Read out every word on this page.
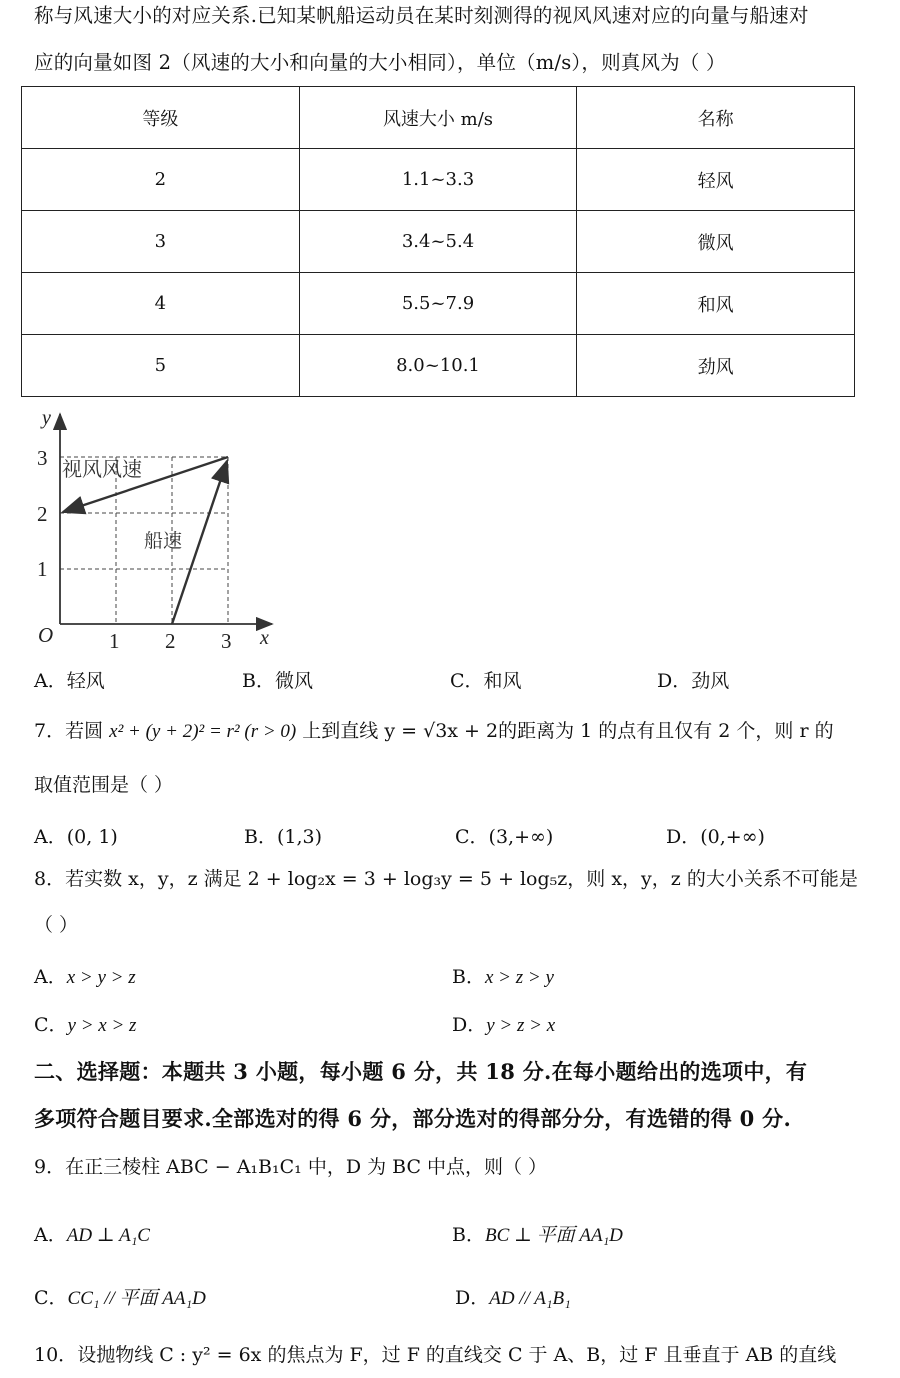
称与风速大小的对应关系.已知某帆船运动员在某时刻测得的视风风速对应的向量与船速对
应的向量如图 2（风速的大小和向量的大小相同），单位（m/s），则真风为（ ）
等级	风速大小 m/s	名称
2	1.1~3.3	轻风
3	3.4~5.4	微风
4	5.5~7.9	和风
5	8.0~10.1	劲风
y
x
O	1 2 3
1
2
3 视风风速
船速
A．轻风	B．微风	C．和风	D．劲风
7．若圆 x² + (y + 2)² = r² (r > 0) 上到直线 y = √3x + 2的距离为 1 的点有且仅有 2 个，则 r 的
取值范围是（ ）
A．(0, 1)	B．(1,3)	C．(3,+∞)	D．(0,+∞)
8．若实数 x，y，z 满足 2 + log₂x = 3 + log₃y = 5 + log₅z，则 x，y，z 的大小关系不可能是
（ ）
A．x > y > z	B．x > z > y
C．y > x > z	D．y > z > x
二、选择题：本题共 3 小题，每小题 6 分，共 18 分.在每小题给出的选项中，有
多项符合题目要求.全部选对的得 6 分，部分选对的得部分分，有选错的得 0 分.
9．在正三棱柱 ABC − A₁B₁C₁ 中，D 为 BC 中点，则（ ）
A．AD ⊥ A₁C	B．BC ⊥ 平面 AA₁D
C．CC₁ // 平面 AA₁D	D．AD // A₁B₁
10．设抛物线 C : y² = 6x 的焦点为 F，过 F 的直线交 C 于 A、B，过 F 且垂直于 AB 的直线
